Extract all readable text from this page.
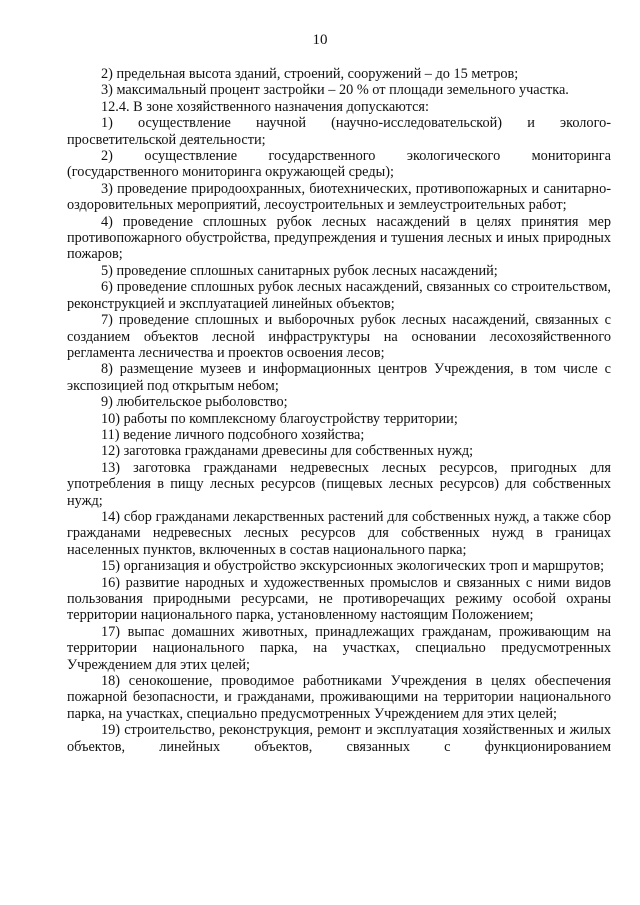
10

2) предельная высота зданий, строений, сооружений – до 15 метров;

3) максимальный процент застройки – 20 % от площади земельного участка.

12.4. В зоне хозяйственного назначения допускаются:

1) осуществление научной (научно-исследовательской) и эколого-просветительской деятельности;

2) осуществление государственного экологического мониторинга (государственного мониторинга окружающей среды);

3) проведение природоохранных, биотехнических, противопожарных и санитарно-оздоровительных мероприятий, лесоустроительных и землеустроительных работ;

4) проведение сплошных рубок лесных насаждений в целях принятия мер противопожарного обустройства, предупреждения и тушения лесных и иных природных пожаров;

5) проведение сплошных санитарных рубок лесных насаждений;

6) проведение сплошных рубок лесных насаждений, связанных со строительством, реконструкцией и эксплуатацией линейных объектов;

7) проведение сплошных и выборочных рубок лесных насаждений, связанных с созданием объектов лесной инфраструктуры на основании лесохозяйственного регламента лесничества и проектов освоения лесов;

8) размещение музеев и информационных центров Учреждения, в том числе с экспозицией под открытым небом;

9) любительское рыболовство;

10) работы по комплексному благоустройству территории;

11) ведение личного подсобного хозяйства;

12) заготовка гражданами древесины для собственных нужд;

13) заготовка гражданами недревесных лесных ресурсов, пригодных для употребления в пищу лесных ресурсов (пищевых лесных ресурсов) для собственных нужд;

14) сбор гражданами лекарственных растений для собственных нужд, а также сбор гражданами недревесных лесных ресурсов для собственных нужд в границах населенных пунктов, включенных в состав национального парка;

15) организация и обустройство экскурсионных экологических троп и маршрутов;

16) развитие народных и художественных промыслов и связанных с ними видов пользования природными ресурсами, не противоречащих режиму особой охраны территории национального парка, установленному настоящим Положением;

17) выпас домашних животных, принадлежащих гражданам, проживающим на территории национального парка, на участках, специально предусмотренных Учреждением для этих целей;

18) сенокошение, проводимое работниками Учреждения в целях обеспечения пожарной безопасности, и гражданами, проживающими на территории национального парка, на участках, специально предусмотренных Учреждением для этих целей;

19) строительство, реконструкция, ремонт и эксплуатация хозяйственных и жилых объектов, линейных объектов, связанных с функционированием
